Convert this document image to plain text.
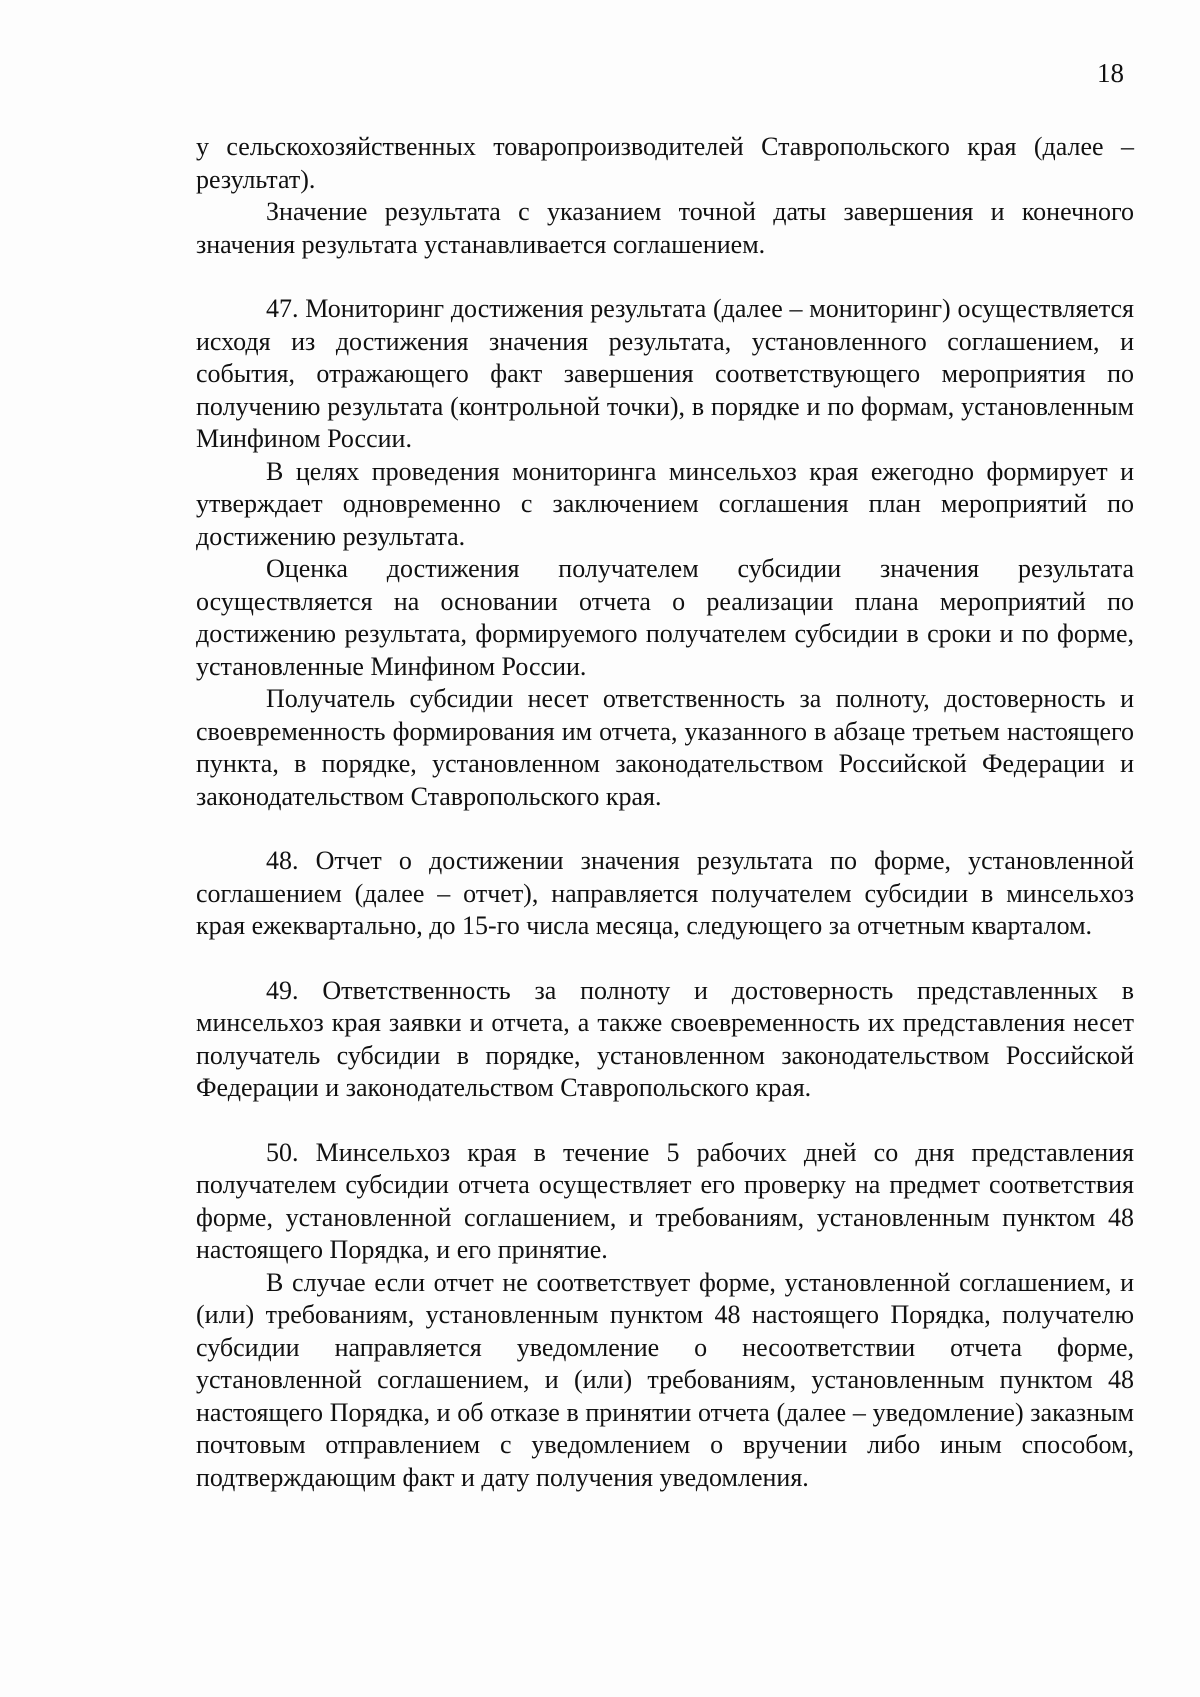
18

у сельскохозяйственных товаропроизводителей Ставропольского края (далее – результат).

Значение результата с указанием точной даты завершения и конечного значения результата устанавливается соглашением.

47. Мониторинг достижения результата (далее – мониторинг) осуществляется исходя из достижения значения результата, установленного соглашением, и события, отражающего факт завершения соответствующего мероприятия по получению результата (контрольной точки), в порядке и по формам, установленным Минфином России.

В целях проведения мониторинга минсельхоз края ежегодно формирует и утверждает одновременно с заключением соглашения план мероприятий по достижению результата.

Оценка достижения получателем субсидии значения результата осуществляется на основании отчета о реализации плана мероприятий по достижению результата, формируемого получателем субсидии в сроки и по форме, установленные Минфином России.

Получатель субсидии несет ответственность за полноту, достоверность и своевременность формирования им отчета, указанного в абзаце третьем настоящего пункта, в порядке, установленном законодательством Российской Федерации и законодательством Ставропольского края.

48. Отчет о достижении значения результата по форме, установленной соглашением (далее – отчет), направляется получателем субсидии в минсельхоз края ежеквартально, до 15-го числа месяца, следующего за отчетным кварталом.

49. Ответственность за полноту и достоверность представленных в минсельхоз края заявки и отчета, а также своевременность их представления несет получатель субсидии в порядке, установленном законодательством Российской Федерации и законодательством Ставропольского края.

50. Минсельхоз края в течение 5 рабочих дней со дня представления получателем субсидии отчета осуществляет его проверку на предмет соответствия форме, установленной соглашением, и требованиям, установленным пунктом 48 настоящего Порядка, и его принятие.

В случае если отчет не соответствует форме, установленной соглашением, и (или) требованиям, установленным пунктом 48 настоящего Порядка, получателю субсидии направляется уведомление о несоответствии отчета форме, установленной соглашением, и (или) требованиям, установленным пунктом 48 настоящего Порядка, и об отказе в принятии отчета (далее – уведомление) заказным почтовым отправлением с уведомлением о вручении либо иным способом, подтверждающим факт и дату получения уведомления.
